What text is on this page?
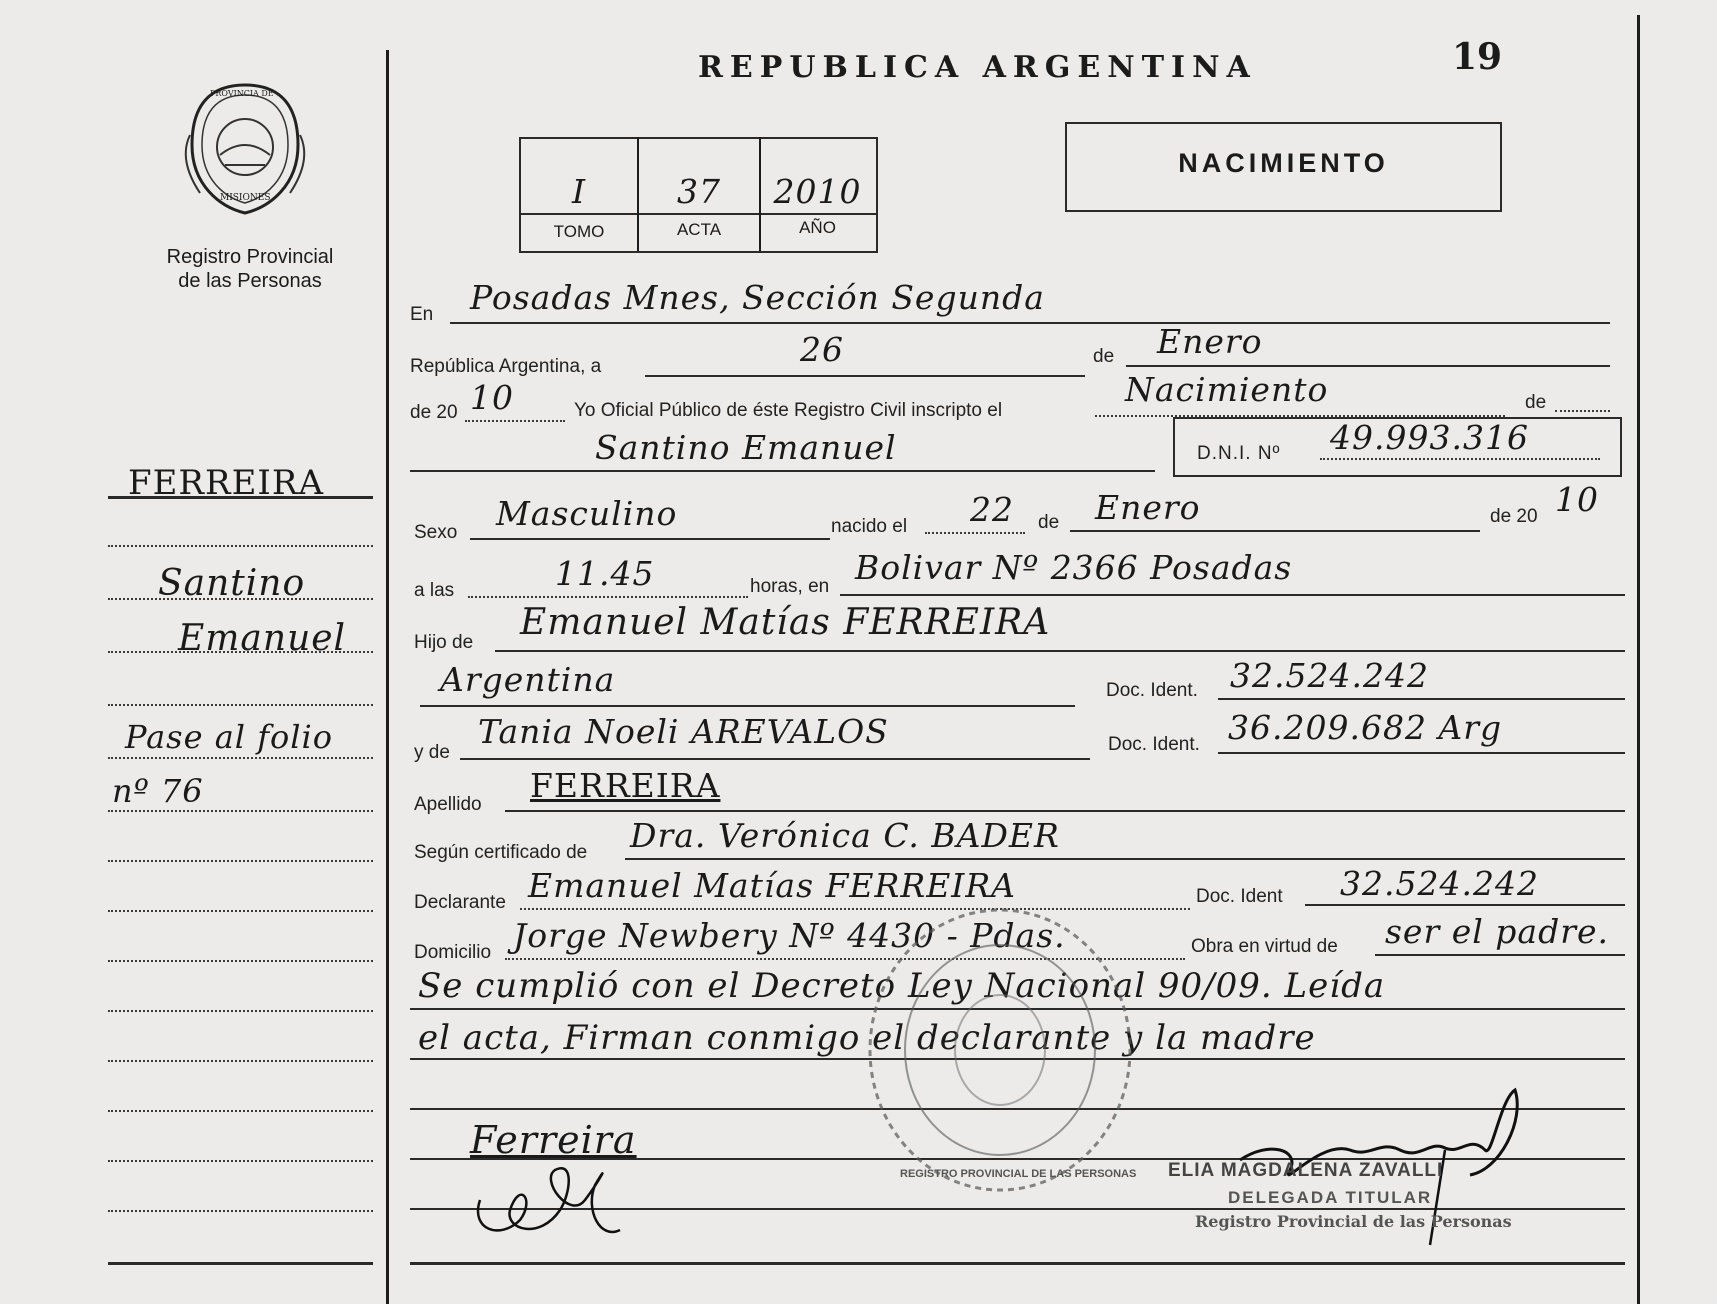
PROVINCIA DE
MISIONES
Registro Provincial
de las Personas
REPUBLICA ARGENTINA	19
I	37	2010
TOMO	ACTA	AÑO
NACIMIENTO
FERREIRA
Santino
Emanuel
Pase al folio
nº 76
En Posadas Mnes, Sección Segunda
República Argentina, a	26	de Enero
de 20 10	Yo Oficial Público de éste Registro Civil inscripto el
Nacimiento	de
Santino Emanuel	D.N.I. Nº 49.993.316
Sexo Masculino	nacido el 22 de Enero	de 20 10
a las	11.45	horas, en Bolivar Nº 2366 Posadas
Hijo de Emanuel Matías FERREIRA
Argentina	Doc. Ident. 32.524.242
y de
Tania Noeli AREVALOS	Doc. Ident. 36.209.682 Arg
Apellido FERREIRA
Según certificado de Dra. Verónica C. BADER
Declarante Emanuel Matías FERREIRA	Doc. Ident 32.524.242
Domicilio Jorge Newbery Nº 4430 - Pdas.	Obra en virtud de ser el padre.
Se cumplió con el Decreto Ley Nacional 90/09. Leída
el acta, Firman conmigo el declarante y la madre
REGISTRO PROVINCIAL DE LAS PERSONAS
Ferreira
ELIA MAGDALENA ZAVALLI
DELEGADA TITULAR
Registro Provincial de las Personas
